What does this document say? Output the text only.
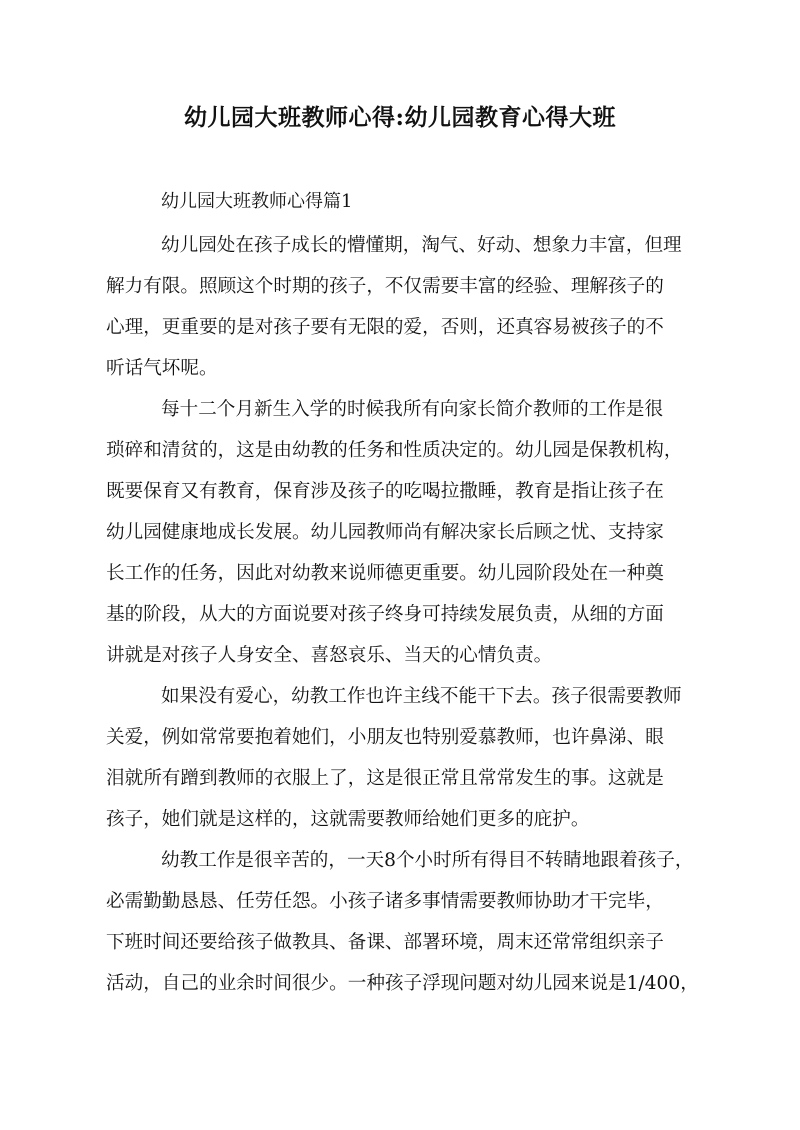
幼儿园大班教师心得:幼儿园教育心得大班

幼儿园大班教师心得篇1

幼儿园处在孩子成长的懵懂期，淘气、好动、想象力丰富，但理

解力有限。照顾这个时期的孩子，不仅需要丰富的经验、理解孩子的

心理，更重要的是对孩子要有无限的爱，否则，还真容易被孩子的不

听话气坏呢。

每十二个月新生入学的时候我所有向家长简介教师的工作是很

琐碎和清贫的，这是由幼教的任务和性质决定的。幼儿园是保教机构，

既要保育又有教育，保育涉及孩子的吃喝拉撒睡，教育是指让孩子在

幼儿园健康地成长发展。幼儿园教师尚有解决家长后顾之忧、支持家

长工作的任务，因此对幼教来说师德更重要。幼儿园阶段处在一种奠

基的阶段，从大的方面说要对孩子终身可持续发展负责，从细的方面

讲就是对孩子人身安全、喜怒哀乐、当天的心情负责。

如果没有爱心，幼教工作也许主线不能干下去。孩子很需要教师

关爱，例如常常要抱着她们，小朋友也特别爱慕教师，也许鼻涕、眼

泪就所有蹭到教师的衣服上了，这是很正常且常常发生的事。这就是

孩子，她们就是这样的，这就需要教师给她们更多的庇护。

幼教工作是很辛苦的，一天8个小时所有得目不转睛地跟着孩子，

必需勤勤恳恳、任劳任怨。小孩子诸多事情需要教师协助才干完毕，

下班时间还要给孩子做教具、备课、部署环境，周末还常常组织亲子

活动，自己的业余时间很少。一种孩子浮现问题对幼儿园来说是1/400，
